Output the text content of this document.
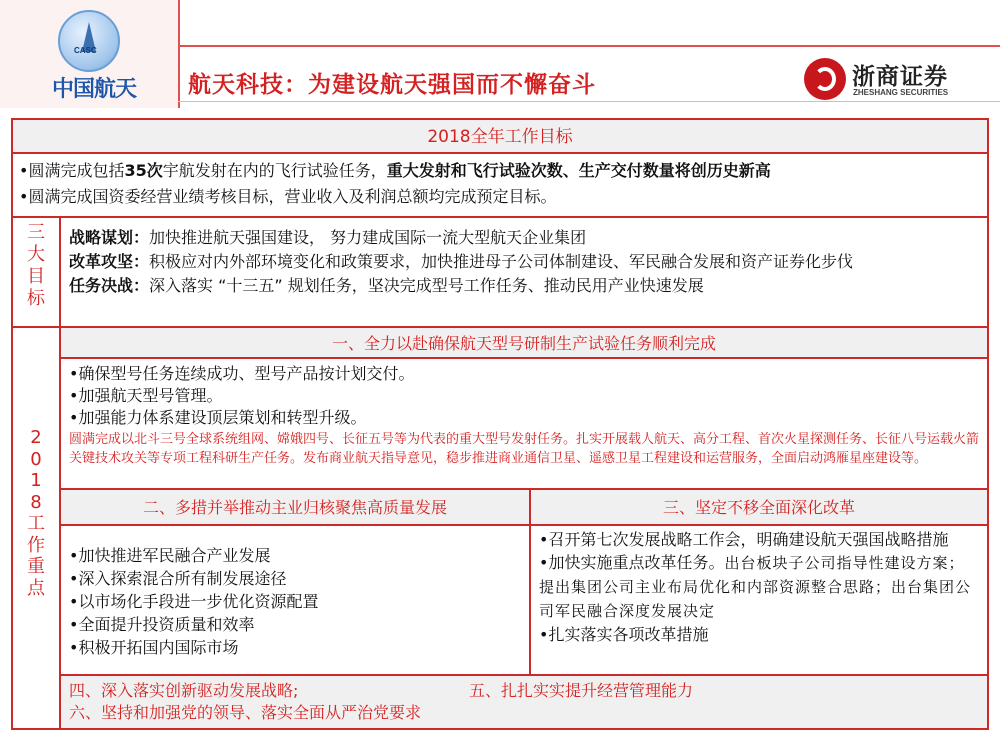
CASC
中国航天 航天科技：为建设航天强国而不懈奋斗	浙商证券
ZHESHANG SECURITIES
2018全年工作目标
•圆满完成包括35次宇航发射在内的飞行试验任务，重大发射和飞行试验次数、生产交付数量将创历史新高
•圆满完成国资委经营业绩考核目标，营业收入及利润总额均完成预定目标。
三
大
目
标
战略谋划：加快推进航天强国建设， 努力建成国际一流大型航天企业集团
改革攻坚：积极应对内外部环境变化和政策要求，加快推进母子公司体制建设、军民融合发展和资产证券化步伐
任务决战：深入落实 “十三五” 规划任务，坚决完成型号工作任务、推动民用产业快速发展
2
0
1
8
工
作
重
点
一、全力以赴确保航天型号研制生产试验任务顺利完成
•确保型号任务连续成功、型号产品按计划交付。
•加强航天型号管理。
•加强能力体系建设顶层策划和转型升级。
圆满完成以北斗三号全球系统组网、嫦娥四号、长征五号等为代表的重大型号发射任务。扎实开展载人航天、高分工程、首次火星探测任务、长征八号运载火箭关键技术攻关等专项工程科研生产任务。发布商业航天指导意见，稳步推进商业通信卫星、遥感卫星工程建设和运营服务，全面启动鸿雁星座建设等。
二、多措并举推动主业归核聚焦高质量发展	三、坚定不移全面深化改革
•加快推进军民融合产业发展
•深入探索混合所有制发展途径
•以市场化手段进一步优化资源配置
•全面提升投资质量和效率
•积极开拓国内国际市场
•召开第七次发展战略工作会，明确建设航天强国战略措施
•加快实施重点改革任务。出台板块子公司指导性建设方案；提出集团公司主业布局优化和内部资源整合思路；出台集团公 司军民融合深度发展决定
•扎实落实各项改革措施
四、深入落实创新驱动发展战略;	五、扎扎实实提升经营管理能力
六、坚持和加强党的领导、落实全面从严治党要求
